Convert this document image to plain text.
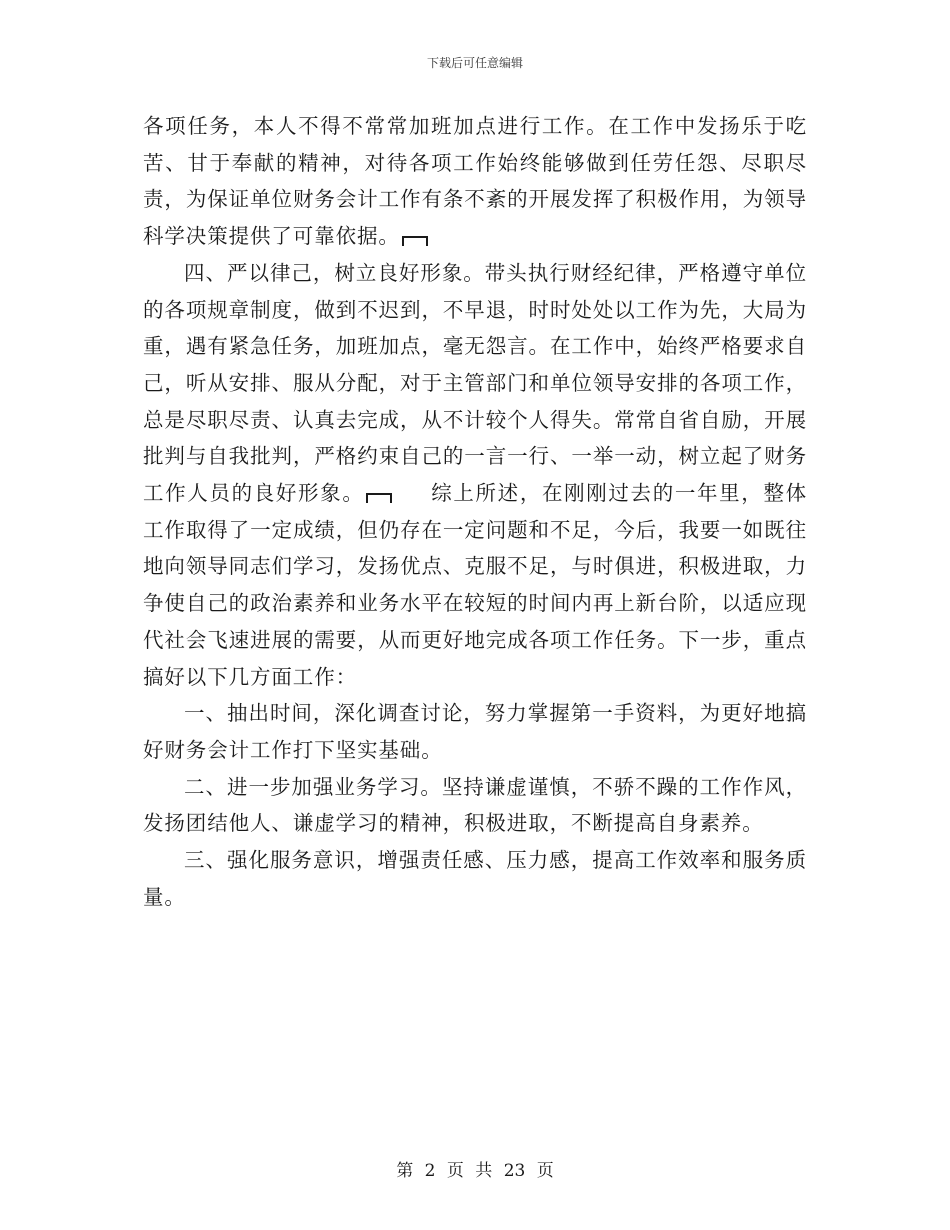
下载后可任意编辑

各项任务，本人不得不常常加班加点进行工作。在工作中发扬乐于吃苦、甘于奉献的精神，对待各项工作始终能够做到任劳任怨、尽职尽责，为保证单位财务会计工作有条不紊的开展发挥了积极作用，为领导科学决策提供了可靠依据。

四、严以律己，树立良好形象。带头执行财经纪律，严格遵守单位的各项规章制度，做到不迟到，不早退，时时处处以工作为先，大局为重，遇有紧急任务，加班加点，毫无怨言。在工作中，始终严格要求自己，听从安排、服从分配，对于主管部门和单位领导安排的各项工作，总是尽职尽责、认真去完成，从不计较个人得失。常常自省自励，开展批判与自我批判，严格约束自己的一言一行、一举一动，树立起了财务工作人员的良好形象。	综上所述，在刚刚过去的一年里，整体工作取得了一定成绩，但仍存在一定问题和不足，今后，我要一如既往地向领导同志们学习，发扬优点、克服不足，与时俱进，积极进取，力争使自己的政治素养和业务水平在较短的时间内再上新台阶，以适应现代社会飞速进展的需要，从而更好地完成各项工作任务。下一步，重点搞好以下几方面工作：

一、抽出时间，深化调查讨论，努力掌握第一手资料，为更好地搞好财务会计工作打下坚实基础。

二、进一步加强业务学习。坚持谦虚谨慎，不骄不躁的工作作风，发扬团结他人、谦虚学习的精神，积极进取，不断提高自身素养。

三、强化服务意识，增强责任感、压力感，提高工作效率和服务质量。

第 2 页 共 23 页
